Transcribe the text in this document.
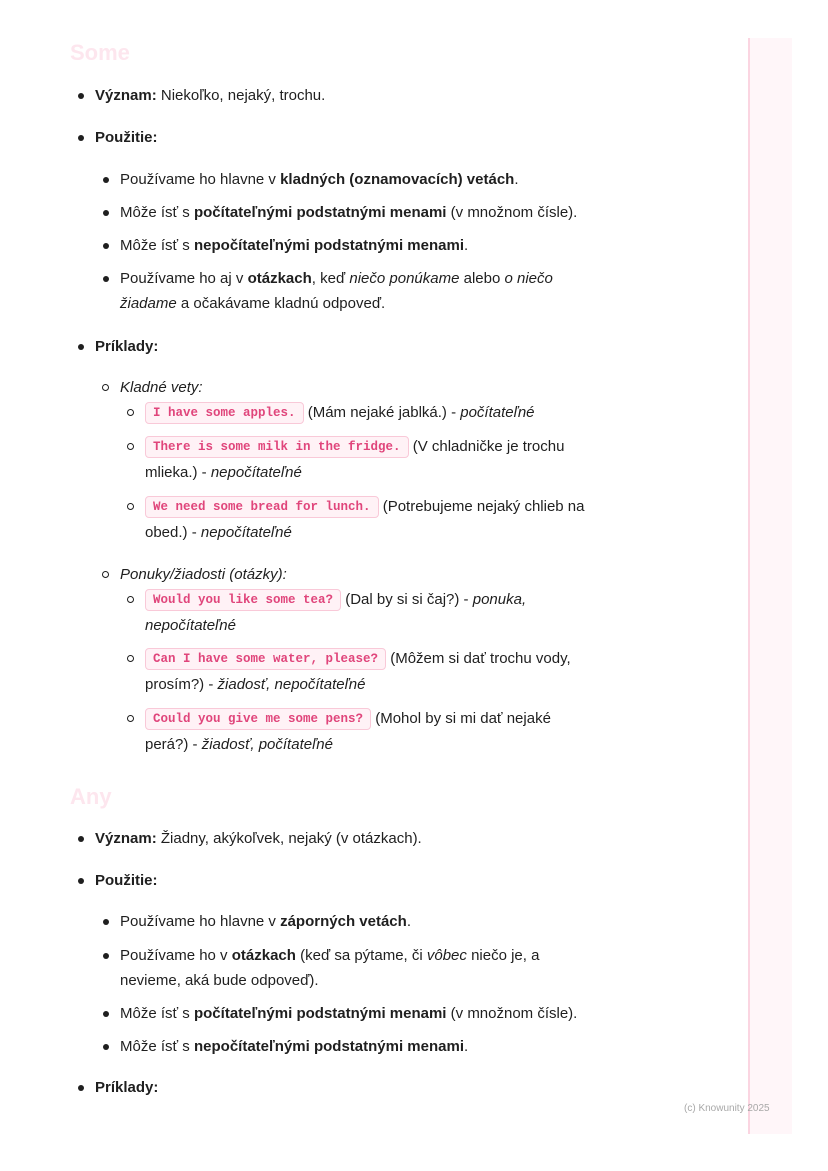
Some
Význam: Niekoľko, nejaký, trochu.
Použitie:
Používame ho hlavne v kladných (oznamovacích) vetách.
Môže ísť s počítateľnými podstatnými menami (v množnom čísle).
Môže ísť s nepočítateľnými podstatnými menami.
Používame ho aj v otázkach, keď niečo ponúkame alebo o niečo
žiadame a očakávame kladnú odpoveď.
Príklady:
Kladné vety:
I have some apples. (Mám nejaké jablká.) - počítateľné
There is some milk in the fridge. (V chladničke je trochu
mlieka.) - nepočítateľné
We need some bread for lunch. (Potrebujeme nejaký chlieb na
obed.) - nepočítateľné
Ponuky/žiadosti (otázky):
Would you like some tea? (Dal by si si čaj?) - ponuka,
nepočítateľné
Can I have some water, please? (Môžem si dať trochu vody,
prosím?) - žiadosť, nepočítateľné
Could you give me some pens? (Mohol by si mi dať nejaké
perá?) - žiadosť, počítateľné
Any
Význam: Žiadny, akýkoľvek, nejaký (v otázkach).
Použitie:
Používame ho hlavne v záporných vetách.
Používame ho v otázkach (keď sa pýtame, či vôbec niečo je, a
nevieme, aká bude odpoveď).
Môže ísť s počítateľnými podstatnými menami (v množnom čísle).
Môže ísť s nepočítateľnými podstatnými menami.
Príklady:
(c) Knowunity 2025
